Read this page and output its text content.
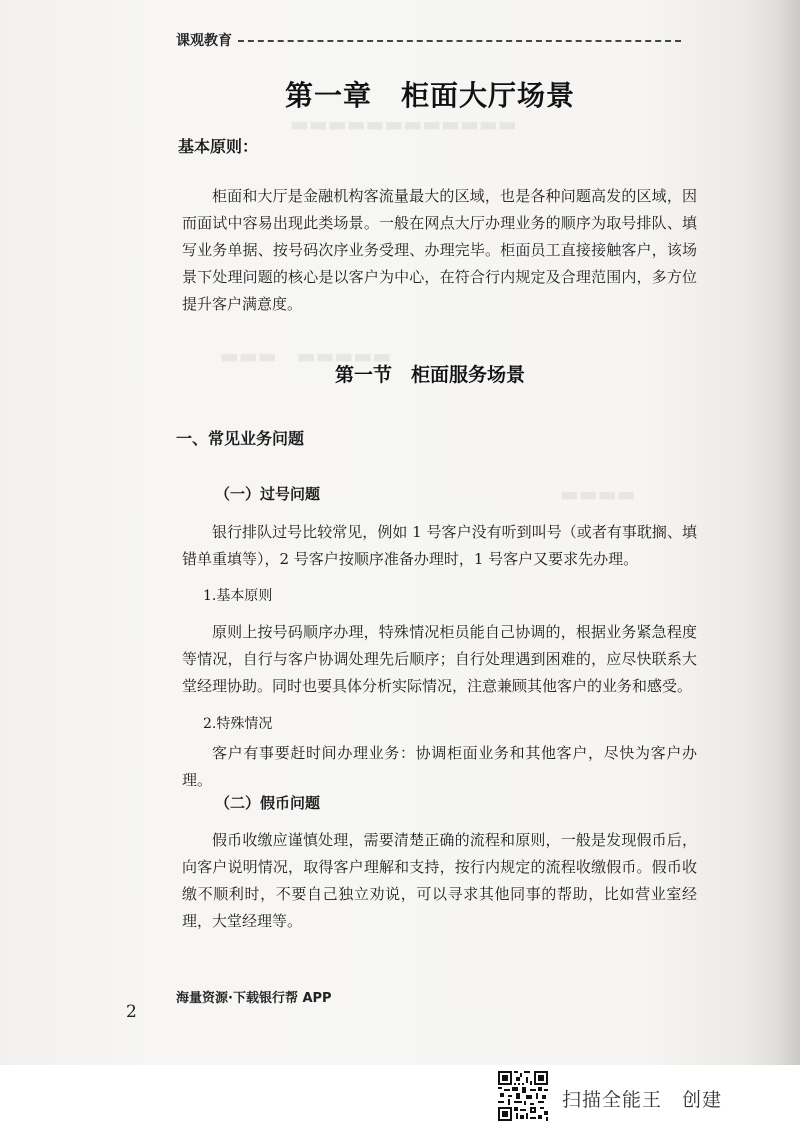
▬▬▬▬▬▬▬▬▬▬▬▬
▬▬▬　▬▬▬▬▬
▬▬▬▬
课观教育
第一章　柜面大厅场景
基本原则：
柜面和大厅是金融机构客流量最大的区域，也是各种问题高发的区域，因而面试中容易出现此类场景。一般在网点大厅办理业务的顺序为取号排队、填写业务单据、按号码次序业务受理、办理完毕。柜面员工直接接触客户，该场景下处理问题的核心是以客户为中心，在符合行内规定及合理范围内，多方位提升客户满意度。
第一节　柜面服务场景
一、常见业务问题
（一）过号问题
银行排队过号比较常见，例如 1 号客户没有听到叫号（或者有事耽搁、填错单重填等），2 号客户按顺序准备办理时，1 号客户又要求先办理。
1.基本原则
原则上按号码顺序办理，特殊情况柜员能自己协调的，根据业务紧急程度等情况，自行与客户协调处理先后顺序；自行处理遇到困难的，应尽快联系大堂经理协助。同时也要具体分析实际情况，注意兼顾其他客户的业务和感受。
2.特殊情况
客户有事要赶时间办理业务：协调柜面业务和其他客户，尽快为客户办理。
（二）假币问题
假币收缴应谨慎处理，需要清楚正确的流程和原则，一般是发现假币后，向客户说明情况，取得客户理解和支持，按行内规定的流程收缴假币。假币收缴不顺利时，不要自己独立劝说，可以寻求其他同事的帮助，比如营业室经理，大堂经理等。
海量资源·下载银行帮 APP
2
扫描全能王　创建
